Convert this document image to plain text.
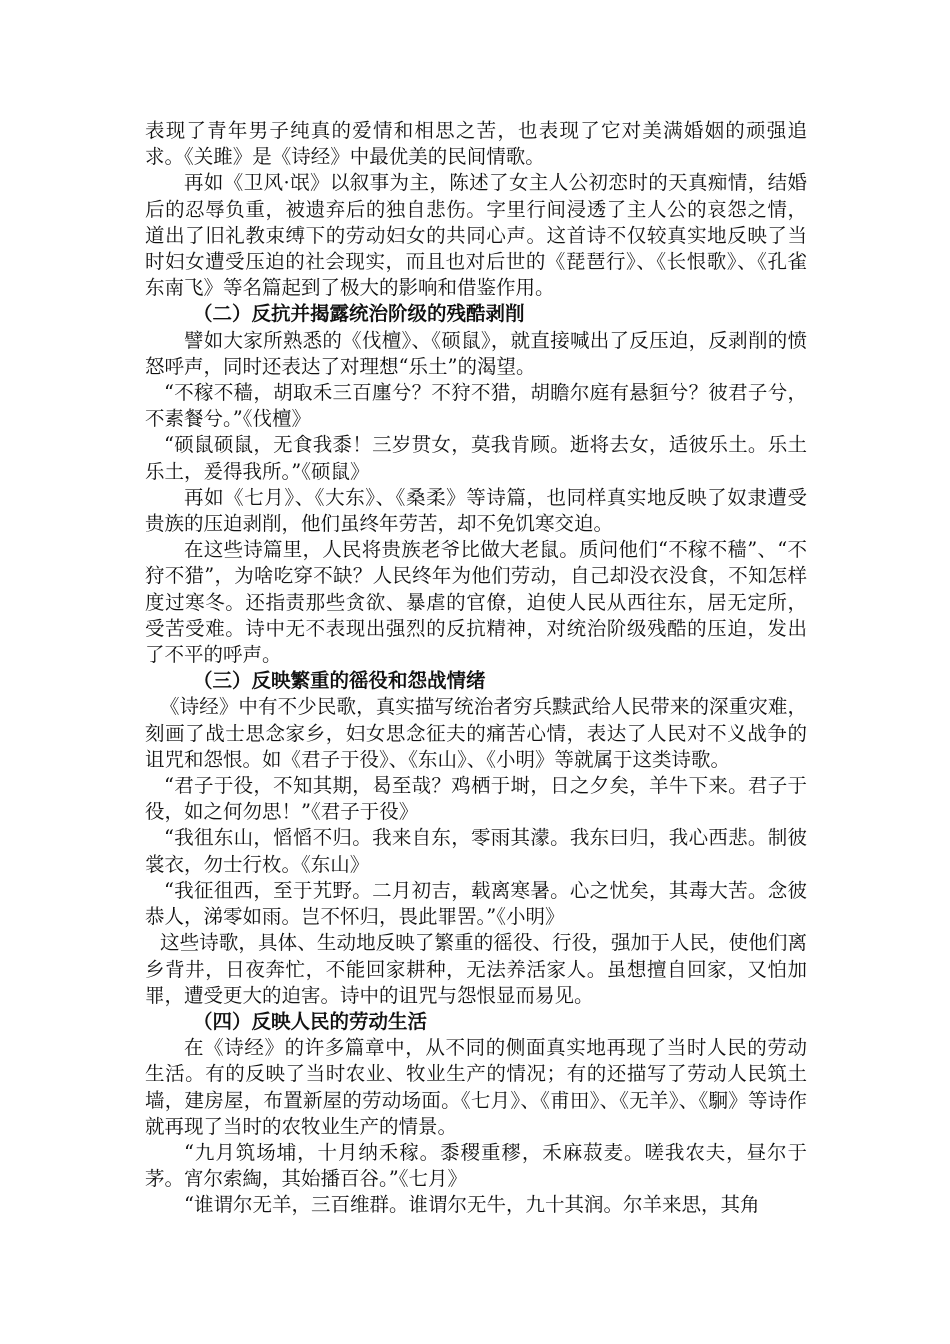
表现了青年男子纯真的爱情和相思之苦，也表现了它对美满婚姻的顽强追求。《关雎》是《诗经》中最优美的民间情歌。

再如《卫风·氓》以叙事为主，陈述了女主人公初恋时的天真痴情，结婚后的忍辱负重，被遗弃后的独自悲伤。字里行间浸透了主人公的哀怨之情，道出了旧礼教束缚下的劳动妇女的共同心声。这首诗不仅较真实地反映了当时妇女遭受压迫的社会现实，而且也对后世的《琵琶行》、《长恨歌》、《孔雀东南飞》等名篇起到了极大的影响和借鉴作用。

（二）反抗并揭露统治阶级的残酷剥削

譬如大家所熟悉的《伐檀》、《硕鼠》，就直接喊出了反压迫，反剥削的愤怒呼声，同时还表达了对理想“乐土”的渴望。

“不稼不穑，胡取禾三百廛兮？不狩不猎，胡瞻尔庭有悬貆兮？彼君子兮，不素餐兮。”《伐檀》

“硕鼠硕鼠，无食我黍！三岁贯女，莫我肯顾。逝将去女，适彼乐土。乐土乐土，爰得我所。”《硕鼠》

再如《七月》、《大东》、《桑柔》等诗篇，也同样真实地反映了奴隶遭受贵族的压迫剥削，他们虽终年劳苦，却不免饥寒交迫。

在这些诗篇里，人民将贵族老爷比做大老鼠。质问他们“不稼不穑”、“不狩不猎”，为啥吃穿不缺？人民终年为他们劳动，自己却没衣没食，不知怎样度过寒冬。还指责那些贪欲、暴虐的官僚，迫使人民从西往东，居无定所，受苦受难。诗中无不表现出强烈的反抗精神，对统治阶级残酷的压迫，发出了不平的呼声。

（三）反映繁重的徭役和怨战情绪

《诗经》中有不少民歌，真实描写统治者穷兵黩武给人民带来的深重灾难，刻画了战士思念家乡，妇女思念征夫的痛苦心情，表达了人民对不义战争的诅咒和怨恨。如《君子于役》、《东山》、《小明》等就属于这类诗歌。

“君子于役，不知其期，曷至哉？鸡栖于埘，日之夕矣，羊牛下来。君子于役，如之何勿思！”《君子于役》

“我徂东山，慆慆不归。我来自东，零雨其濛。我东曰归，我心西悲。制彼裳衣，勿士行枚。《东山》

“我征徂西，至于艽野。二月初吉，载离寒暑。心之忧矣，其毒大苦。念彼恭人，涕零如雨。岂不怀归，畏此罪罟。”《小明》

这些诗歌，具体、生动地反映了繁重的徭役、行役，强加于人民，使他们离乡背井，日夜奔忙，不能回家耕种，无法养活家人。虽想擅自回家，又怕加罪，遭受更大的迫害。诗中的诅咒与怨恨显而易见。

（四）反映人民的劳动生活

在《诗经》的许多篇章中，从不同的侧面真实地再现了当时人民的劳动生活。有的反映了当时农业、牧业生产的情况；有的还描写了劳动人民筑土墙，建房屋，布置新屋的劳动场面。《七月》、《甫田》、《无羊》、《駉》等诗作就再现了当时的农牧业生产的情景。

“九月筑场埔，十月纳禾稼。黍稷重穋，禾麻菽麦。嗟我农夫，昼尔于茅。宵尔索綯，其始播百谷。”《七月》

“谁谓尔无羊，三百维群。谁谓尔无牛，九十其润。尔羊来思，其角
